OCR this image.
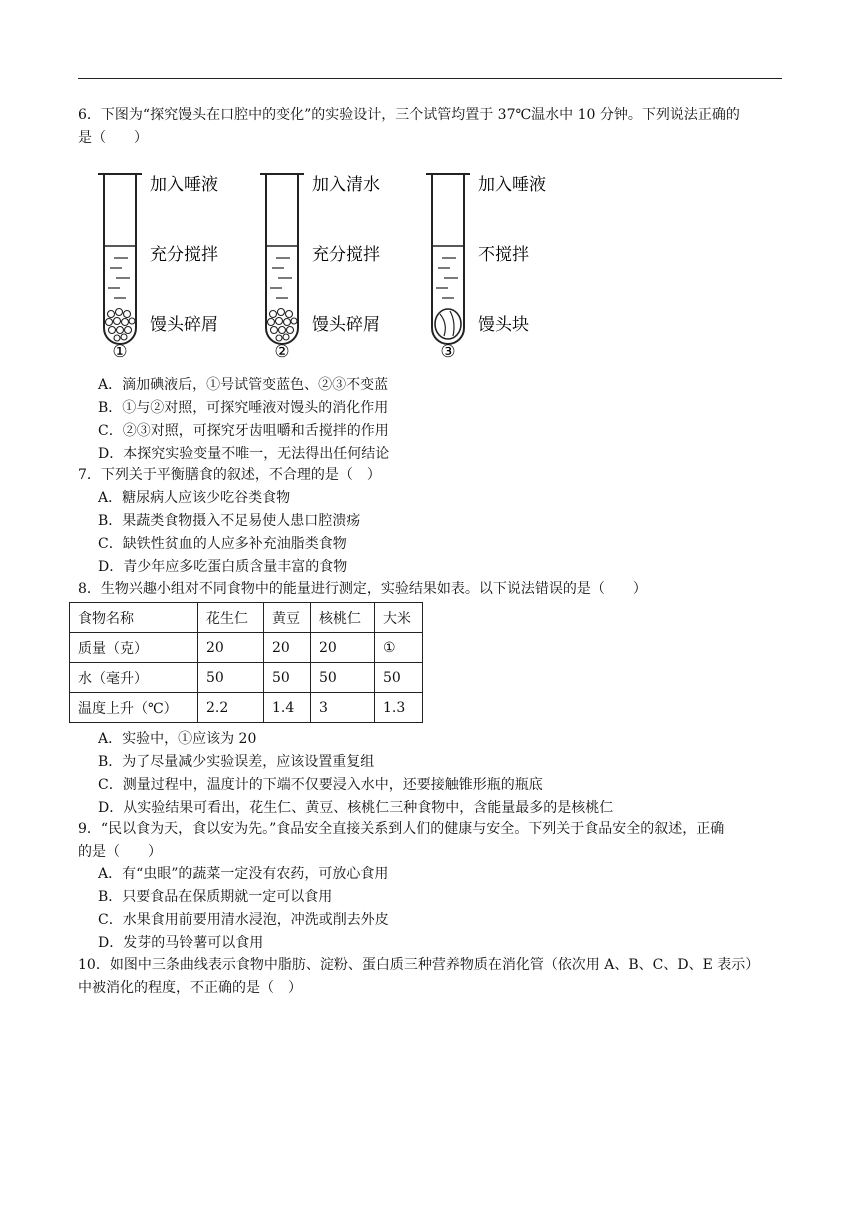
6．下图为“探究馒头在口腔中的变化”的实验设计，三个试管均置于 37℃温水中 10 分钟。下列说法正确的
是（　　）
①
加入唾液
充分搅拌
馒头碎屑
②
加入清水
充分搅拌
馒头碎屑
③
加入唾液
不搅拌
馒头块
A．滴加碘液后，①号试管变蓝色、②③不变蓝
B．①与②对照，可探究唾液对馒头的消化作用
C．②③对照，可探究牙齿咀嚼和舌搅拌的作用
D．本探究实验变量不唯一，无法得出任何结论
7．下列关于平衡膳食的叙述，不合理的是（　）
A．糖尿病人应该少吃谷类食物
B．果蔬类食物摄入不足易使人患口腔溃疡
C．缺铁性贫血的人应多补充油脂类食物
D．青少年应多吃蛋白质含量丰富的食物
8．生物兴趣小组对不同食物中的能量进行测定，实验结果如表。以下说法错误的是（　　）
食物名称	花生仁	黄豆	核桃仁	大米
质量（克）	20	20	20	①
水（毫升）	50	50	50	50
温度上升（℃）	2.2	1.4	3	1.3
A．实验中，①应该为 20
B．为了尽量减少实验误差，应该设置重复组
C．测量过程中，温度计的下端不仅要浸入水中，还要接触锥形瓶的瓶底
D．从实验结果可看出，花生仁、黄豆、核桃仁三种食物中，含能量最多的是核桃仁
9．“民以食为天，食以安为先。”食品安全直接关系到人们的健康与安全。下列关于食品安全的叙述，正确
的是（　　）
A．有“虫眼”的蔬菜一定没有农药，可放心食用
B．只要食品在保质期就一定可以食用
C．水果食用前要用清水浸泡，冲洗或削去外皮
D．发芽的马铃薯可以食用
10．如图中三条曲线表示食物中脂肪、淀粉、蛋白质三种营养物质在消化管（依次用 A、B、C、D、E 表示）
中被消化的程度，不正确的是（　）
